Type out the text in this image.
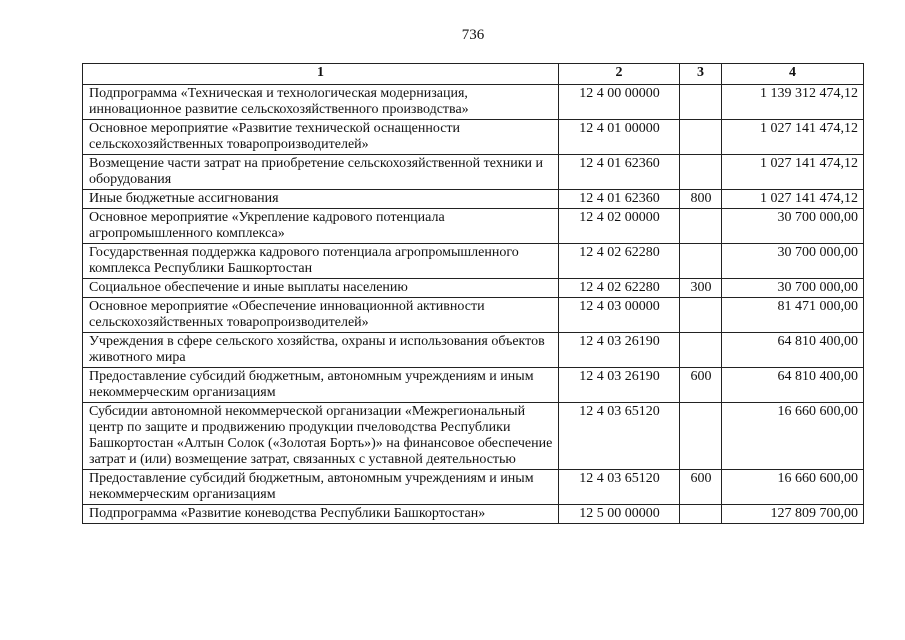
736
1	2	3	4
Подпрограмма «Техническая и технологическая модернизация, инновационное развитие сельскохозяйственного производства»	12 4 00 00000		1 139 312 474,12
Основное мероприятие «Развитие технической оснащенности сельскохозяйственных товаропроизводителей»	12 4 01 00000		1 027 141 474,12
Возмещение части затрат на приобретение сельскохозяйственной техники и оборудования	12 4 01 62360		1 027 141 474,12
Иные бюджетные ассигнования	12 4 01 62360	800	1 027 141 474,12
Основное мероприятие «Укрепление кадрового потенциала агропромышленного комплекса»	12 4 02 00000		30 700 000,00
Государственная поддержка кадрового потенциала агропромышленного комплекса Республики Башкортостан	12 4 02 62280		30 700 000,00
Социальное обеспечение и иные выплаты населению	12 4 02 62280	300	30 700 000,00
Основное мероприятие «Обеспечение инновационной активности сельскохозяйственных товаропроизводителей»	12 4 03 00000		81 471 000,00
Учреждения в сфере сельского хозяйства, охраны и использования объектов животного мира	12 4 03 26190		64 810 400,00
Предоставление субсидий бюджетным, автономным учреждениям и иным некоммерческим организациям	12 4 03 26190	600	64 810 400,00
Субсидии автономной некоммерческой организации «Межрегиональный центр по защите и продвижению продукции пчеловодства Республики Башкортостан «Алтын Солок («Золотая Борть»)» на финансовое обеспечение затрат и (или) возмещение затрат, связанных с уставной деятельностью	12 4 03 65120		16 660 600,00
Предоставление субсидий бюджетным, автономным учреждениям и иным некоммерческим организациям	12 4 03 65120	600	16 660 600,00
Подпрограмма «Развитие коневодства Республики Башкортостан»	12 5 00 00000		127 809 700,00
